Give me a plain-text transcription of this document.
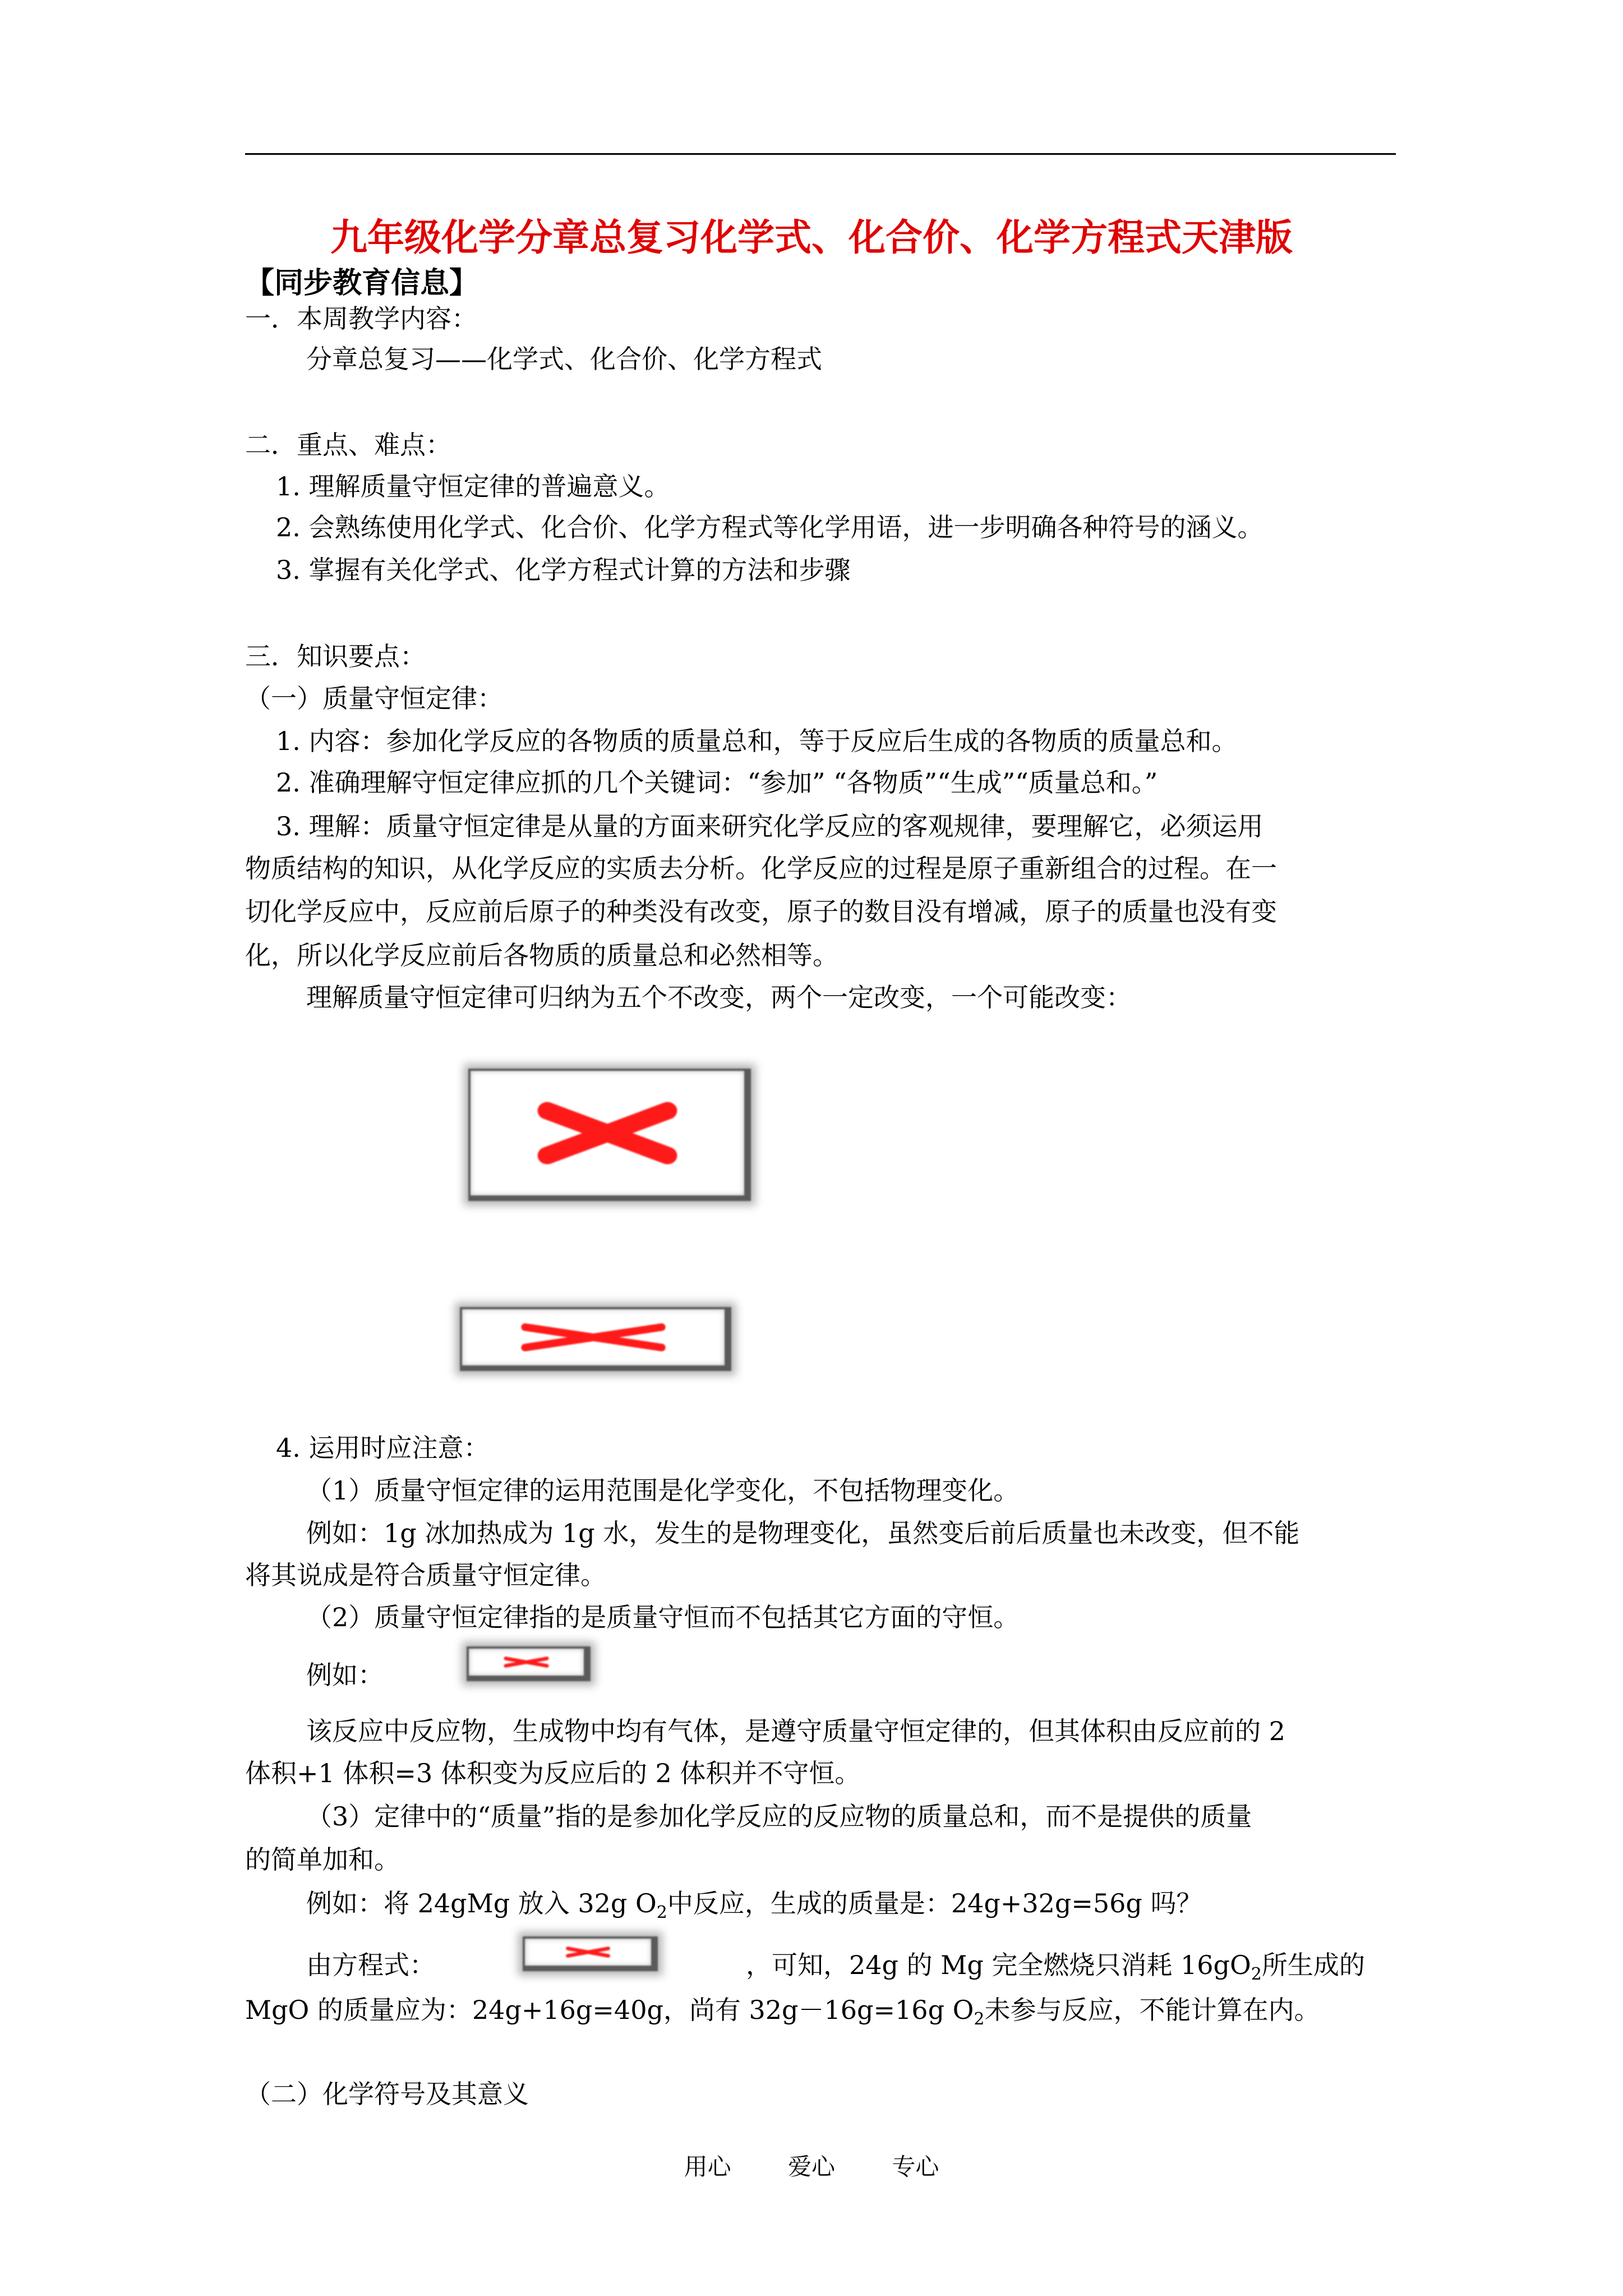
九年级化学分章总复习化学式、化合价、化学方程式天津版
【同步教育信息】
一．本周教学内容：
分章总复习——化学式、化合价、化学方程式
二．重点、难点：
1. 理解质量守恒定律的普遍意义。
2. 会熟练使用化学式、化合价、化学方程式等化学用语，进一步明确各种符号的涵义。
3. 掌握有关化学式、化学方程式计算的方法和步骤
三．知识要点：
（一）质量守恒定律：
1. 内容：参加化学反应的各物质的质量总和，等于反应后生成的各物质的质量总和。
2. 准确理解守恒定律应抓的几个关键词：“参加” “各物质”“生成”“质量总和。”
3. 理解：质量守恒定律是从量的方面来研究化学反应的客观规律，要理解它，必须运用
物质结构的知识，从化学反应的实质去分析。化学反应的过程是原子重新组合的过程。在一
切化学反应中，反应前后原子的种类没有改变，原子的数目没有增减，原子的质量也没有变
化，所以化学反应前后各物质的质量总和必然相等。
理解质量守恒定律可归纳为五个不改变，两个一定改变，一个可能改变：
4. 运用时应注意：
（1）质量守恒定律的运用范围是化学变化，不包括物理变化。
例如：1g 冰加热成为 1g 水，发生的是物理变化，虽然变后前后质量也未改变，但不能
将其说成是符合质量守恒定律。
（2）质量守恒定律指的是质量守恒而不包括其它方面的守恒。
例如：
该反应中反应物，生成物中均有气体，是遵守质量守恒定律的，但其体积由反应前的 2
体积+1 体积=3 体积变为反应后的 2 体积并不守恒。
（3）定律中的“质量”指的是参加化学反应的反应物的质量总和，而不是提供的质量
的简单加和。
例如：将 24gMg 放入 32g $O_2$中反应，生成的质量是：24g+32g=56g 吗？
由方程式：	，可知，24g 的 Mg 完全燃烧只消耗 $16gO_2$所生成的
MgO 的质量应为：24g+16g=40g，尚有 32g－16g=16g $O_2$未参与反应，不能计算在内。
（二）化学符号及其意义
用心 爱心 专心
